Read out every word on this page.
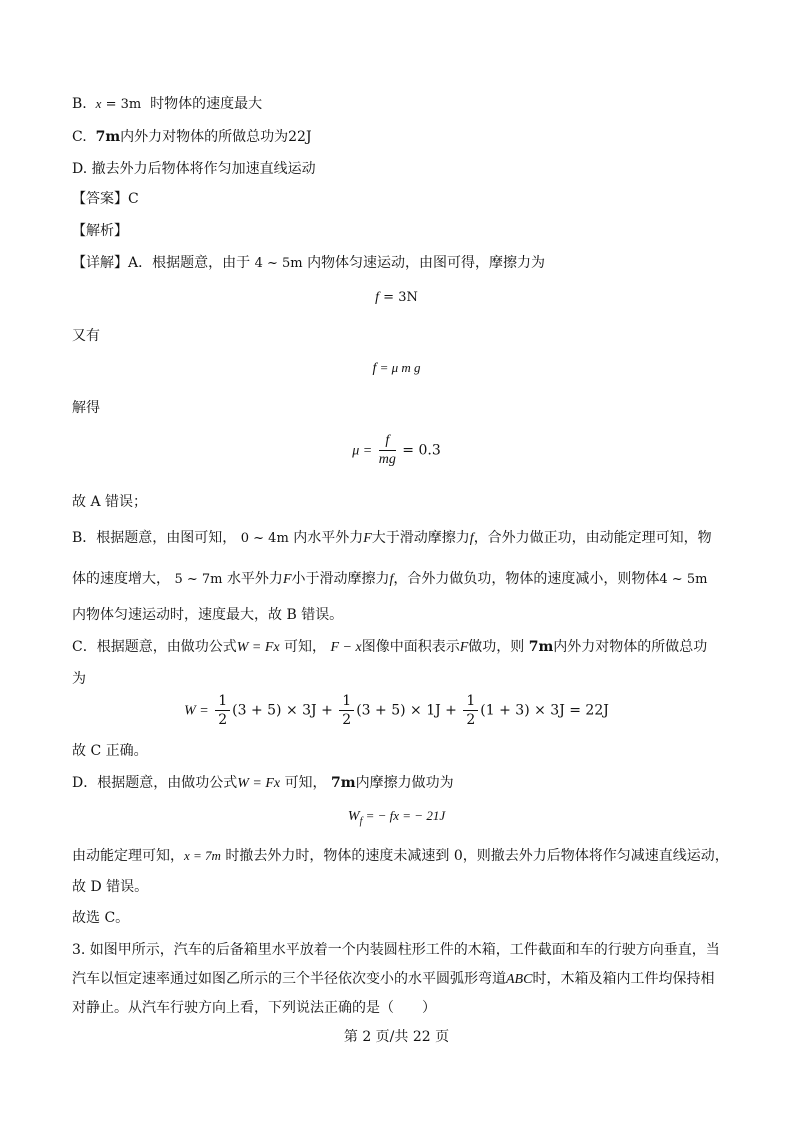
B. x = 3m 时物体的速度最大
C. 7m内外力对物体的所做总功为22J
D. 撤去外力后物体将作匀加速直线运动
【答案】C
【解析】
【详解】A．根据题意，由于 4 ~ 5m 内物体匀速运动，由图可得，摩擦力为
f = 3N
又有
f = μ m g
解得
$\mu = \frac{f}{mg} = 0.3$
故 A 错误；
B．根据题意，由图可知， 0 ~ 4m 内水平外力F大于滑动摩擦力f，合外力做正功，由动能定理可知，物
体的速度增大， 5 ~ 7m 水平外力F小于滑动摩擦力f，合外力做负功，物体的速度减小，则物体4 ~ 5m
内物体匀速运动时，速度最大，故 B 错误。
C．根据题意，由做功公式W = Fx 可知， F − x图像中面积表示F做功，则 7m内外力对物体的所做总功
为
$W = \frac{1}{2} (3 + 5) \times 3J + \frac{1}{2} (3 + 5) \times 1J + \frac{1}{2} (1 + 3) \times 3J = 22J$
故 C 正确。
D．根据题意，由做功公式W = Fx 可知， 7m内摩擦力做功为
$W_f$ = − fx = − 21J
由动能定理可知，x = 7m 时撤去外力时，物体的速度未减速到 0，则撤去外力后物体将作匀减速直线运动，
故 D 错误。
故选 C。
3. 如图甲所示，汽车的后备箱里水平放着一个内装圆柱形工件的木箱，工件截面和车的行驶方向垂直，当
汽车以恒定速率通过如图乙所示的三个半径依次变小的水平圆弧形弯道ABC时，木箱及箱内工件均保持相
对静止。从汽车行驶方向上看，下列说法正确的是（　　）
第 2 页/共 22 页
